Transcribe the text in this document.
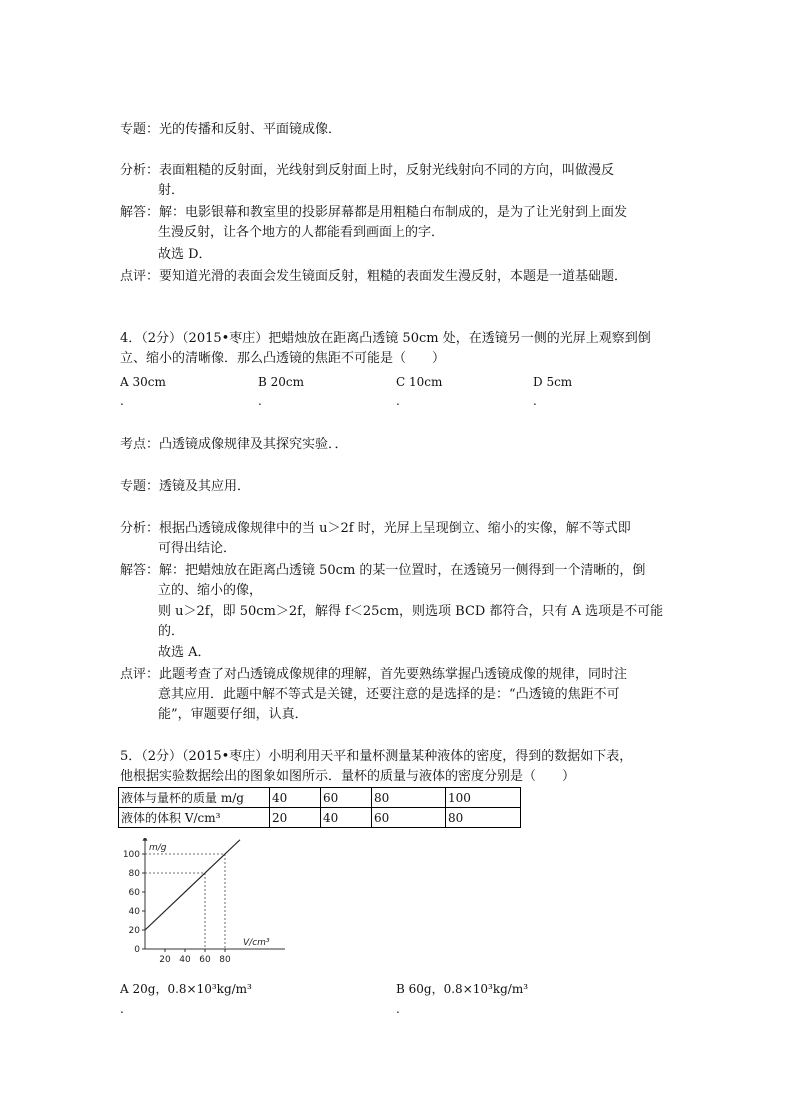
专题：光的传播和反射、平面镜成像．
分析：表面粗糙的反射面，光线射到反射面上时，反射光线射向不同的方向，叫做漫反
射．
解答：解：电影银幕和教室里的投影屏幕都是用粗糙白布制成的，是为了让光射到上面发
生漫反射，让各个地方的人都能看到画面上的字．
故选 D．
点评：要知道光滑的表面会发生镜面反射，粗糙的表面发生漫反射，本题是一道基础题．
4．（2分）（2015•枣庄）把蜡烛放在距离凸透镜 50cm 处，在透镜另一侧的光屏上观察到倒
立、缩小的清晰像．那么凸透镜的焦距不可能是（　　）
A 30cm	B 20cm	C 10cm	D 5cm
.	.	.	.
考点：凸透镜成像规律及其探究实验．．
专题：透镜及其应用．
分析：根据凸透镜成像规律中的当 u＞2f 时，光屏上呈现倒立、缩小的实像，解不等式即
可得出结论．
解答：解：把蜡烛放在距离凸透镜 50cm 的某一位置时，在透镜另一侧得到一个清晰的，倒
立的、缩小的像，
则 u＞2f，即 50cm＞2f，解得 f＜25cm，则选项 BCD 都符合，只有 A 选项是不可能
的．
故选 A．
点评：此题考查了对凸透镜成像规律的理解，首先要熟练掌握凸透镜成像的规律，同时注
意其应用．此题中解不等式是关键，还要注意的是选择的是：“凸透镜的焦距不可
能”，审题要仔细，认真．
5．（2分）（2015•枣庄）小明利用天平和量杯测量某种液体的密度，得到的数据如下表，
他根据实验数据绘出的图象如图所示．量杯的质量与液体的密度分别是（　　）
液体与量杯的质量 m/g	40	60	80	100
液体的体积 V/cm³	20	40	60	80
0
20
40
60
80
100
20 40 60 80
m/g
V/cm³
A 20g，0.8×10³kg/m³	B 60g，0.8×10³kg/m³
.	.
